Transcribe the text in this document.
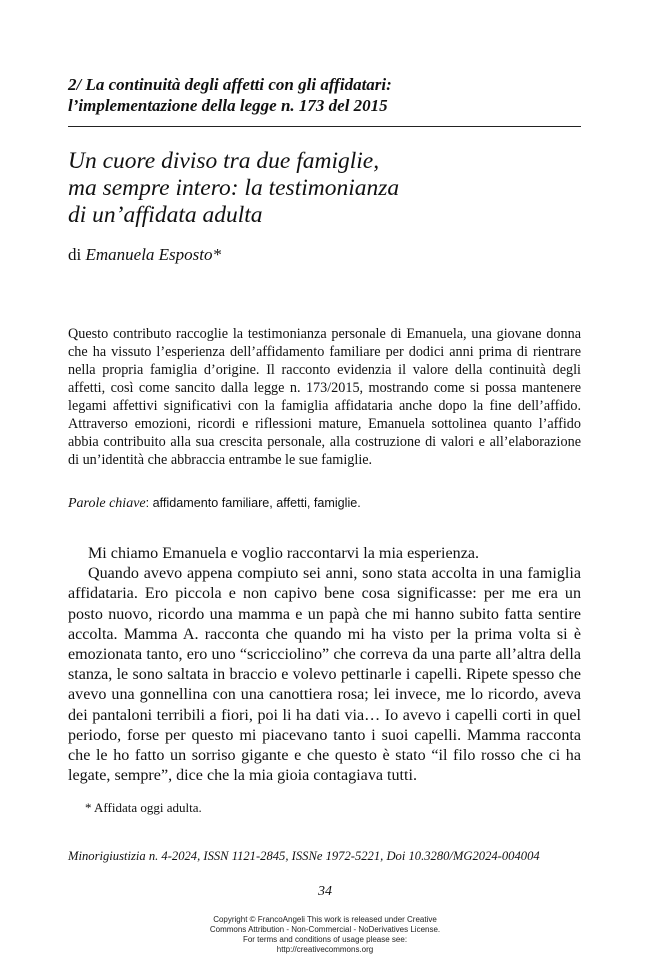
2/ La continuità degli affetti con gli affidatari:
l’implementazione della legge n. 173 del 2015
Un cuore diviso tra due famiglie,
ma sempre intero: la testimonianza
di un’affidata adulta
di Emanuela Esposto*
Questo contributo raccoglie la testimonianza personale di Emanuela, una giovane donna che ha vissuto l’esperienza dell’affidamento familiare per dodici anni prima di rientrare nella propria famiglia d’origine. Il racconto evidenzia il valore della continuità degli affetti, così come sancito dalla legge n. 173/2015, mostrando come si possa mantenere legami affettivi significativi con la famiglia affidataria anche dopo la fine dell’affido. Attraverso emozioni, ricordi e riflessioni mature, Emanuela sottolinea quanto l’affido abbia contribuito alla sua crescita personale, alla costruzione di valori e all’elaborazione di un’identità che abbraccia entrambe le sue famiglie.
Parole chiave: affidamento familiare, affetti, famiglie.

Mi chiamo Emanuela e voglio raccontarvi la mia esperienza.

Quando avevo appena compiuto sei anni, sono stata accolta in una famiglia affidataria. Ero piccola e non capivo bene cosa significasse: per me era un posto nuovo, ricordo una mamma e un papà che mi hanno subito fatta sentire accolta. Mamma A. racconta che quando mi ha visto per la prima volta si è emozionata tanto, ero uno “scricciolino” che correva da una parte all’altra della stanza, le sono saltata in braccio e volevo pettinarle i capelli. Ripete spesso che avevo una gonnellina con una canottiera rosa; lei invece, me lo ricordo, aveva dei pantaloni terribili a fiori, poi li ha dati via… Io avevo i capelli corti in quel periodo, forse per questo mi piacevano tanto i suoi capelli. Mamma racconta che le ho fatto un sorriso gigante e che questo è stato “il filo rosso che ci ha legate, sempre”, dice che la mia gioia contagiava tutti.

* Affidata oggi adulta.
Minorigiustizia n. 4-2024, ISSN 1121-2845, ISSNe 1972-5221, Doi 10.3280/MG2024-004004
34
Copyright © FrancoAngeli This work is released under Creative
Commons Attribution - Non-Commercial - NoDerivatives License.
For terms and conditions of usage please see:
http://creativecommons.org
